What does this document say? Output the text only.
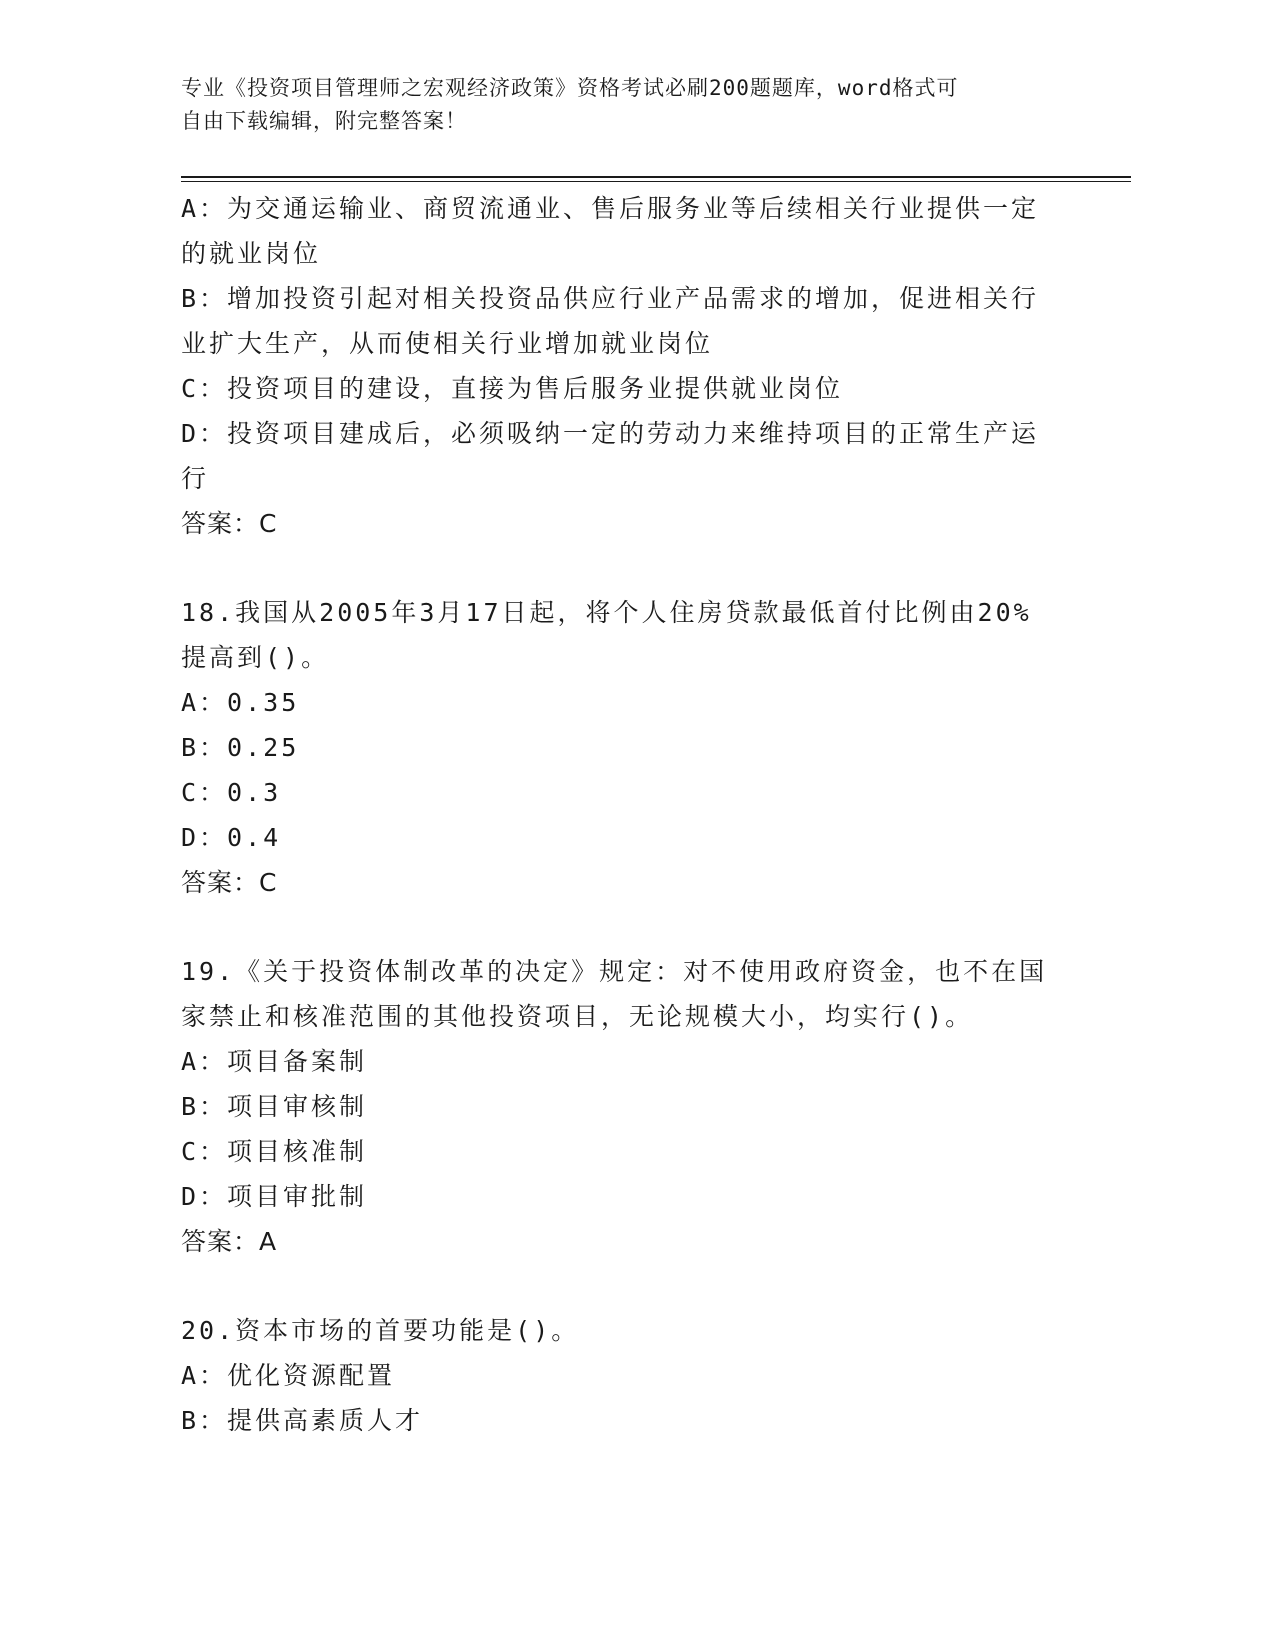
专业《投资项目管理师之宏观经济政策》资格考试必刷200题题库，word格式可
自由下载编辑，附完整答案！
A：为交通运输业、商贸流通业、售后服务业等后续相关行业提供一定
的就业岗位
B：增加投资引起对相关投资品供应行业产品需求的增加，促进相关行
业扩大生产，从而使相关行业增加就业岗位
C：投资项目的建设，直接为售后服务业提供就业岗位
D：投资项目建成后，必须吸纳一定的劳动力来维持项目的正常生产运
行
答案：C
18.我国从2005年3月17日起，将个人住房贷款最低首付比例由20%
提高到()。
A：0.35
B：0.25
C：0.3
D：0.4
答案：C
19.《关于投资体制改革的决定》规定：对不使用政府资金，也不在国
家禁止和核准范围的其他投资项目，无论规模大小，均实行()。
A：项目备案制
B：项目审核制
C：项目核准制
D：项目审批制
答案：A
20.资本市场的首要功能是()。
A：优化资源配置
B：提供高素质人才
